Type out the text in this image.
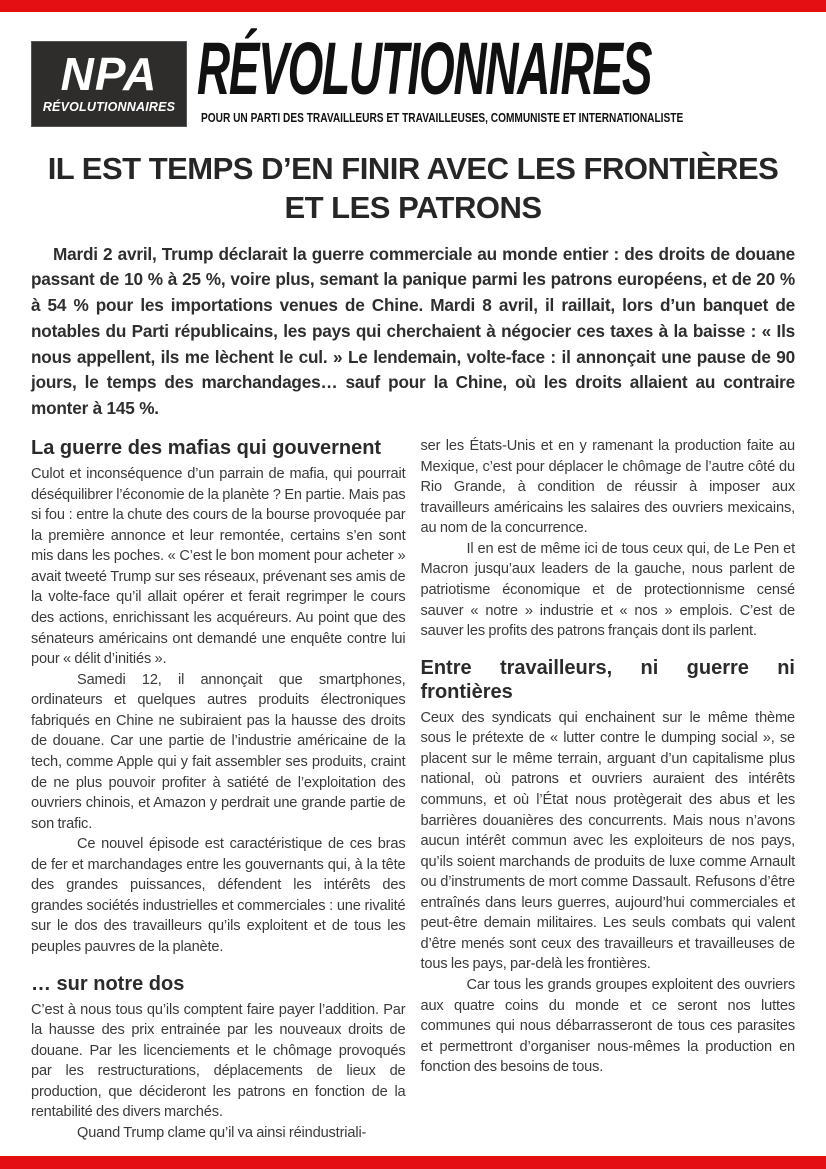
NPA
RÉVOLUTIONNAIRES RÉVOLUTIONNAIRES
POUR UN PARTI DES TRAVAILLEURS ET TRAVAILLEUSES, COMMUNISTE ET INTERNATIONALISTE
IL EST TEMPS D’EN FINIR AVEC LES FRONTIÈRES ET LES PATRONS

Mardi 2 avril, Trump déclarait la guerre commerciale au monde entier : des droits de douane passant de 10 % à 25 %, voire plus, semant la panique parmi les patrons européens, et de 20 % à 54 % pour les importations venues de Chine. Mardi 8 avril, il raillait, lors d’un banquet de notables du Parti républicains, les pays qui cherchaient à négocier ces taxes à la baisse : « Ils nous appellent, ils me lèchent le cul. » Le lendemain, volte-face : il annonçait une pause de 90 jours, le temps des marchandages… sauf pour la Chine, où les droits allaient au contraire monter à 145 %.

La guerre des mafias qui gouvernent

Culot et inconséquence d’un parrain de mafia, qui pourrait déséquilibrer l’économie de la planète ? En partie. Mais pas si fou : entre la chute des cours de la bourse provoquée par la première annonce et leur remontée, certains s’en sont mis dans les poches. « C’est le bon moment pour acheter » avait tweeté Trump sur ses réseaux, prévenant ses amis de la volte-face qu’il allait opérer et ferait regrimper le cours des actions, enrichissant les acquéreurs. Au point que des sénateurs américains ont demandé une enquête contre lui pour « délit d’initiés ».

Samedi 12, il annonçait que smartphones, ordinateurs et quelques autres produits électroniques fabriqués en Chine ne subiraient pas la hausse des droits de douane. Car une partie de l’industrie américaine de la tech, comme Apple qui y fait assembler ses produits, craint de ne plus pouvoir profiter à satiété de l’exploitation des ouvriers chinois, et Amazon y perdrait une grande partie de son trafic.

Ce nouvel épisode est caractéristique de ces bras de fer et marchandages entre les gouvernants qui, à la tête des grandes puissances, défendent les intérêts des grandes sociétés industrielles et commerciales : une rivalité sur le dos des travailleurs qu’ils exploitent et de tous les peuples pauvres de la planète.

… sur notre dos

C’est à nous tous qu’ils comptent faire payer l’addition. Par la hausse des prix entrainée par les nouveaux droits de douane. Par les licenciements et le chômage provoqués par les restructurations, déplacements de lieux de production, que décideront les patrons en fonction de la rentabilité des divers marchés.

Quand Trump clame qu’il va ainsi réindustriali-

ser les États-Unis et en y ramenant la production faite au Mexique, c’est pour déplacer le chômage de l’autre côté du Rio Grande, à condition de réussir à imposer aux travailleurs américains les salaires des ouvriers mexicains, au nom de la concurrence.

Il en est de même ici de tous ceux qui, de Le Pen et Macron jusqu’aux leaders de la gauche, nous parlent de patriotisme économique et de protectionnisme censé sauver « notre » industrie et « nos » emplois. C’est de sauver les profits des patrons français dont ils parlent.

Entre travailleurs, ni guerre ni frontières

Ceux des syndicats qui enchainent sur le même thème sous le prétexte de « lutter contre le dumping social », se placent sur le même terrain, arguant d’un capitalisme plus national, où patrons et ouvriers auraient des intérêts communs, et où l’État nous protègerait des abus et les barrières douanières des concurrents. Mais nous n’avons aucun intérêt commun avec les exploiteurs de nos pays, qu’ils soient marchands de produits de luxe comme Arnault ou d’instruments de mort comme Dassault. Refusons d’être entraînés dans leurs guerres, aujourd’hui commerciales et peut-être demain militaires. Les seuls combats qui valent d’être menés sont ceux des travailleurs et travailleuses de tous les pays, par-delà les frontières.

Car tous les grands groupes exploitent des ouvriers aux quatre coins du monde et ce seront nos luttes communes qui nous débarrasseront de tous ces parasites et permettront d’organiser nous-mêmes la production en fonction des besoins de tous.
